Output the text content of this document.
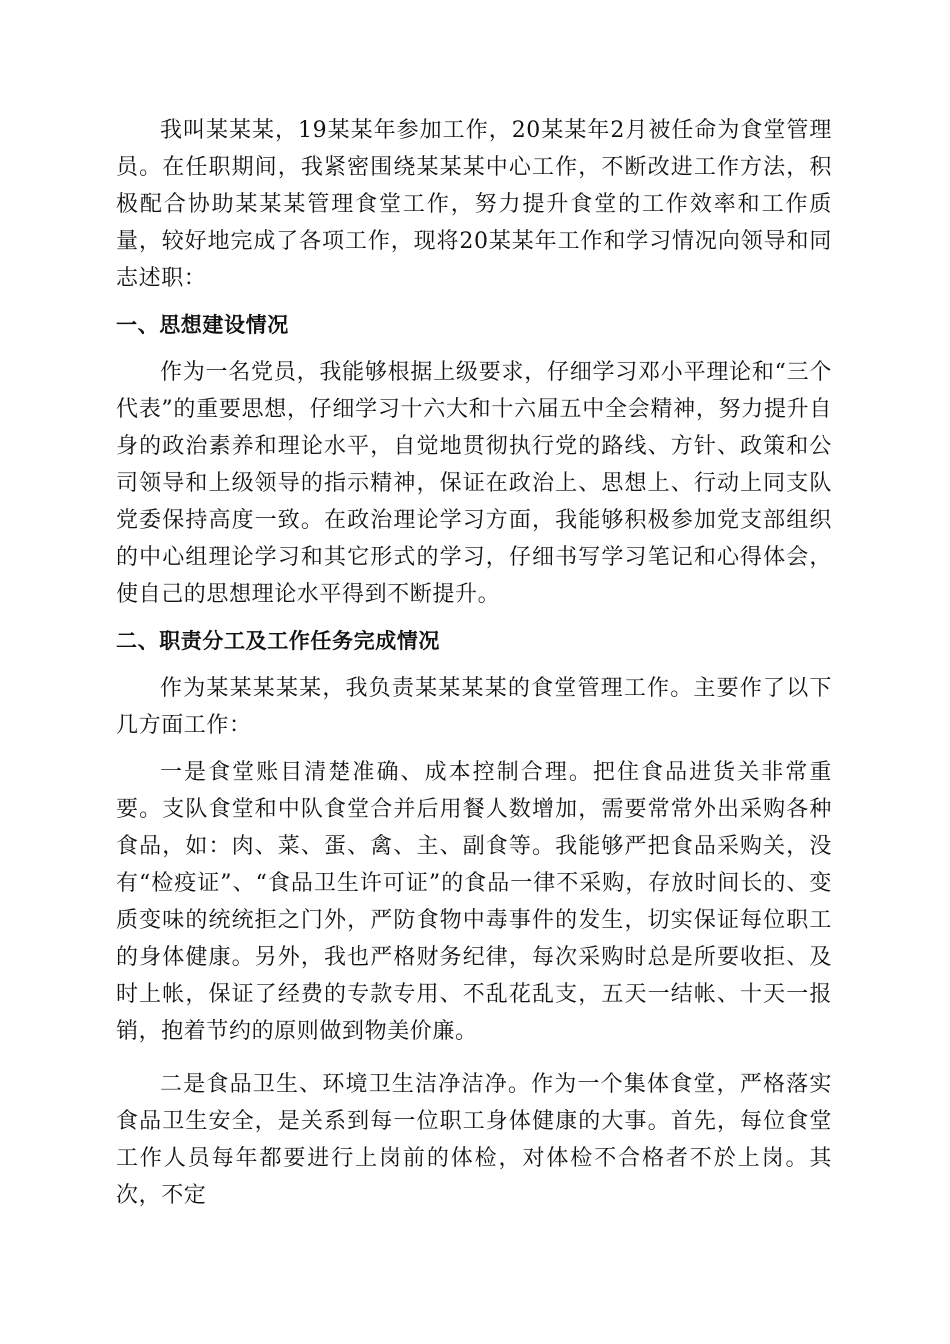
我叫某某某，19某某年参加工作，20某某年2月被任命为食堂管理员。在任职期间，我紧密围绕某某某中心工作，不断改进工作方法，积极配合协助某某某管理食堂工作，努力提升食堂的工作效率和工作质量，较好地完成了各项工作，现将20某某年工作和学习情况向领导和同志述职：

一、思想建设情况

作为一名党员，我能够根据上级要求，仔细学习邓小平理论和“三个代表”的重要思想，仔细学习十六大和十六届五中全会精神，努力提升自身的政治素养和理论水平，自觉地贯彻执行党的路线、方针、政策和公司领导和上级领导的指示精神，保证在政治上、思想上、行动上同支队党委保持高度一致。在政治理论学习方面，我能够积极参加党支部组织的中心组理论学习和其它形式的学习，仔细书写学习笔记和心得体会，使自己的思想理论水平得到不断提升。

二、职责分工及工作任务完成情况

作为某某某某某，我负责某某某某的食堂管理工作。主要作了以下几方面工作：

一是食堂账目清楚准确、成本控制合理。把住食品进货关非常重要。支队食堂和中队食堂合并后用餐人数增加，需要常常外出采购各种食品，如：肉、菜、蛋、禽、主、副食等。我能够严把食品采购关，没有“检疫证”、“食品卫生许可证”的食品一律不采购，存放时间长的、变质变味的统统拒之门外，严防食物中毒事件的发生，切实保证每位职工的身体健康。另外，我也严格财务纪律，每次采购时总是所要收拒、及时上帐，保证了经费的专款专用、不乱花乱支，五天一结帐、十天一报销，抱着节约的原则做到物美价廉。

二是食品卫生、环境卫生洁净洁净。作为一个集体食堂，严格落实食品卫生安全，是关系到每一位职工身体健康的大事。首先，每位食堂工作人员每年都要进行上岗前的体检，对体检不合格者不於上岗。其次，不定
